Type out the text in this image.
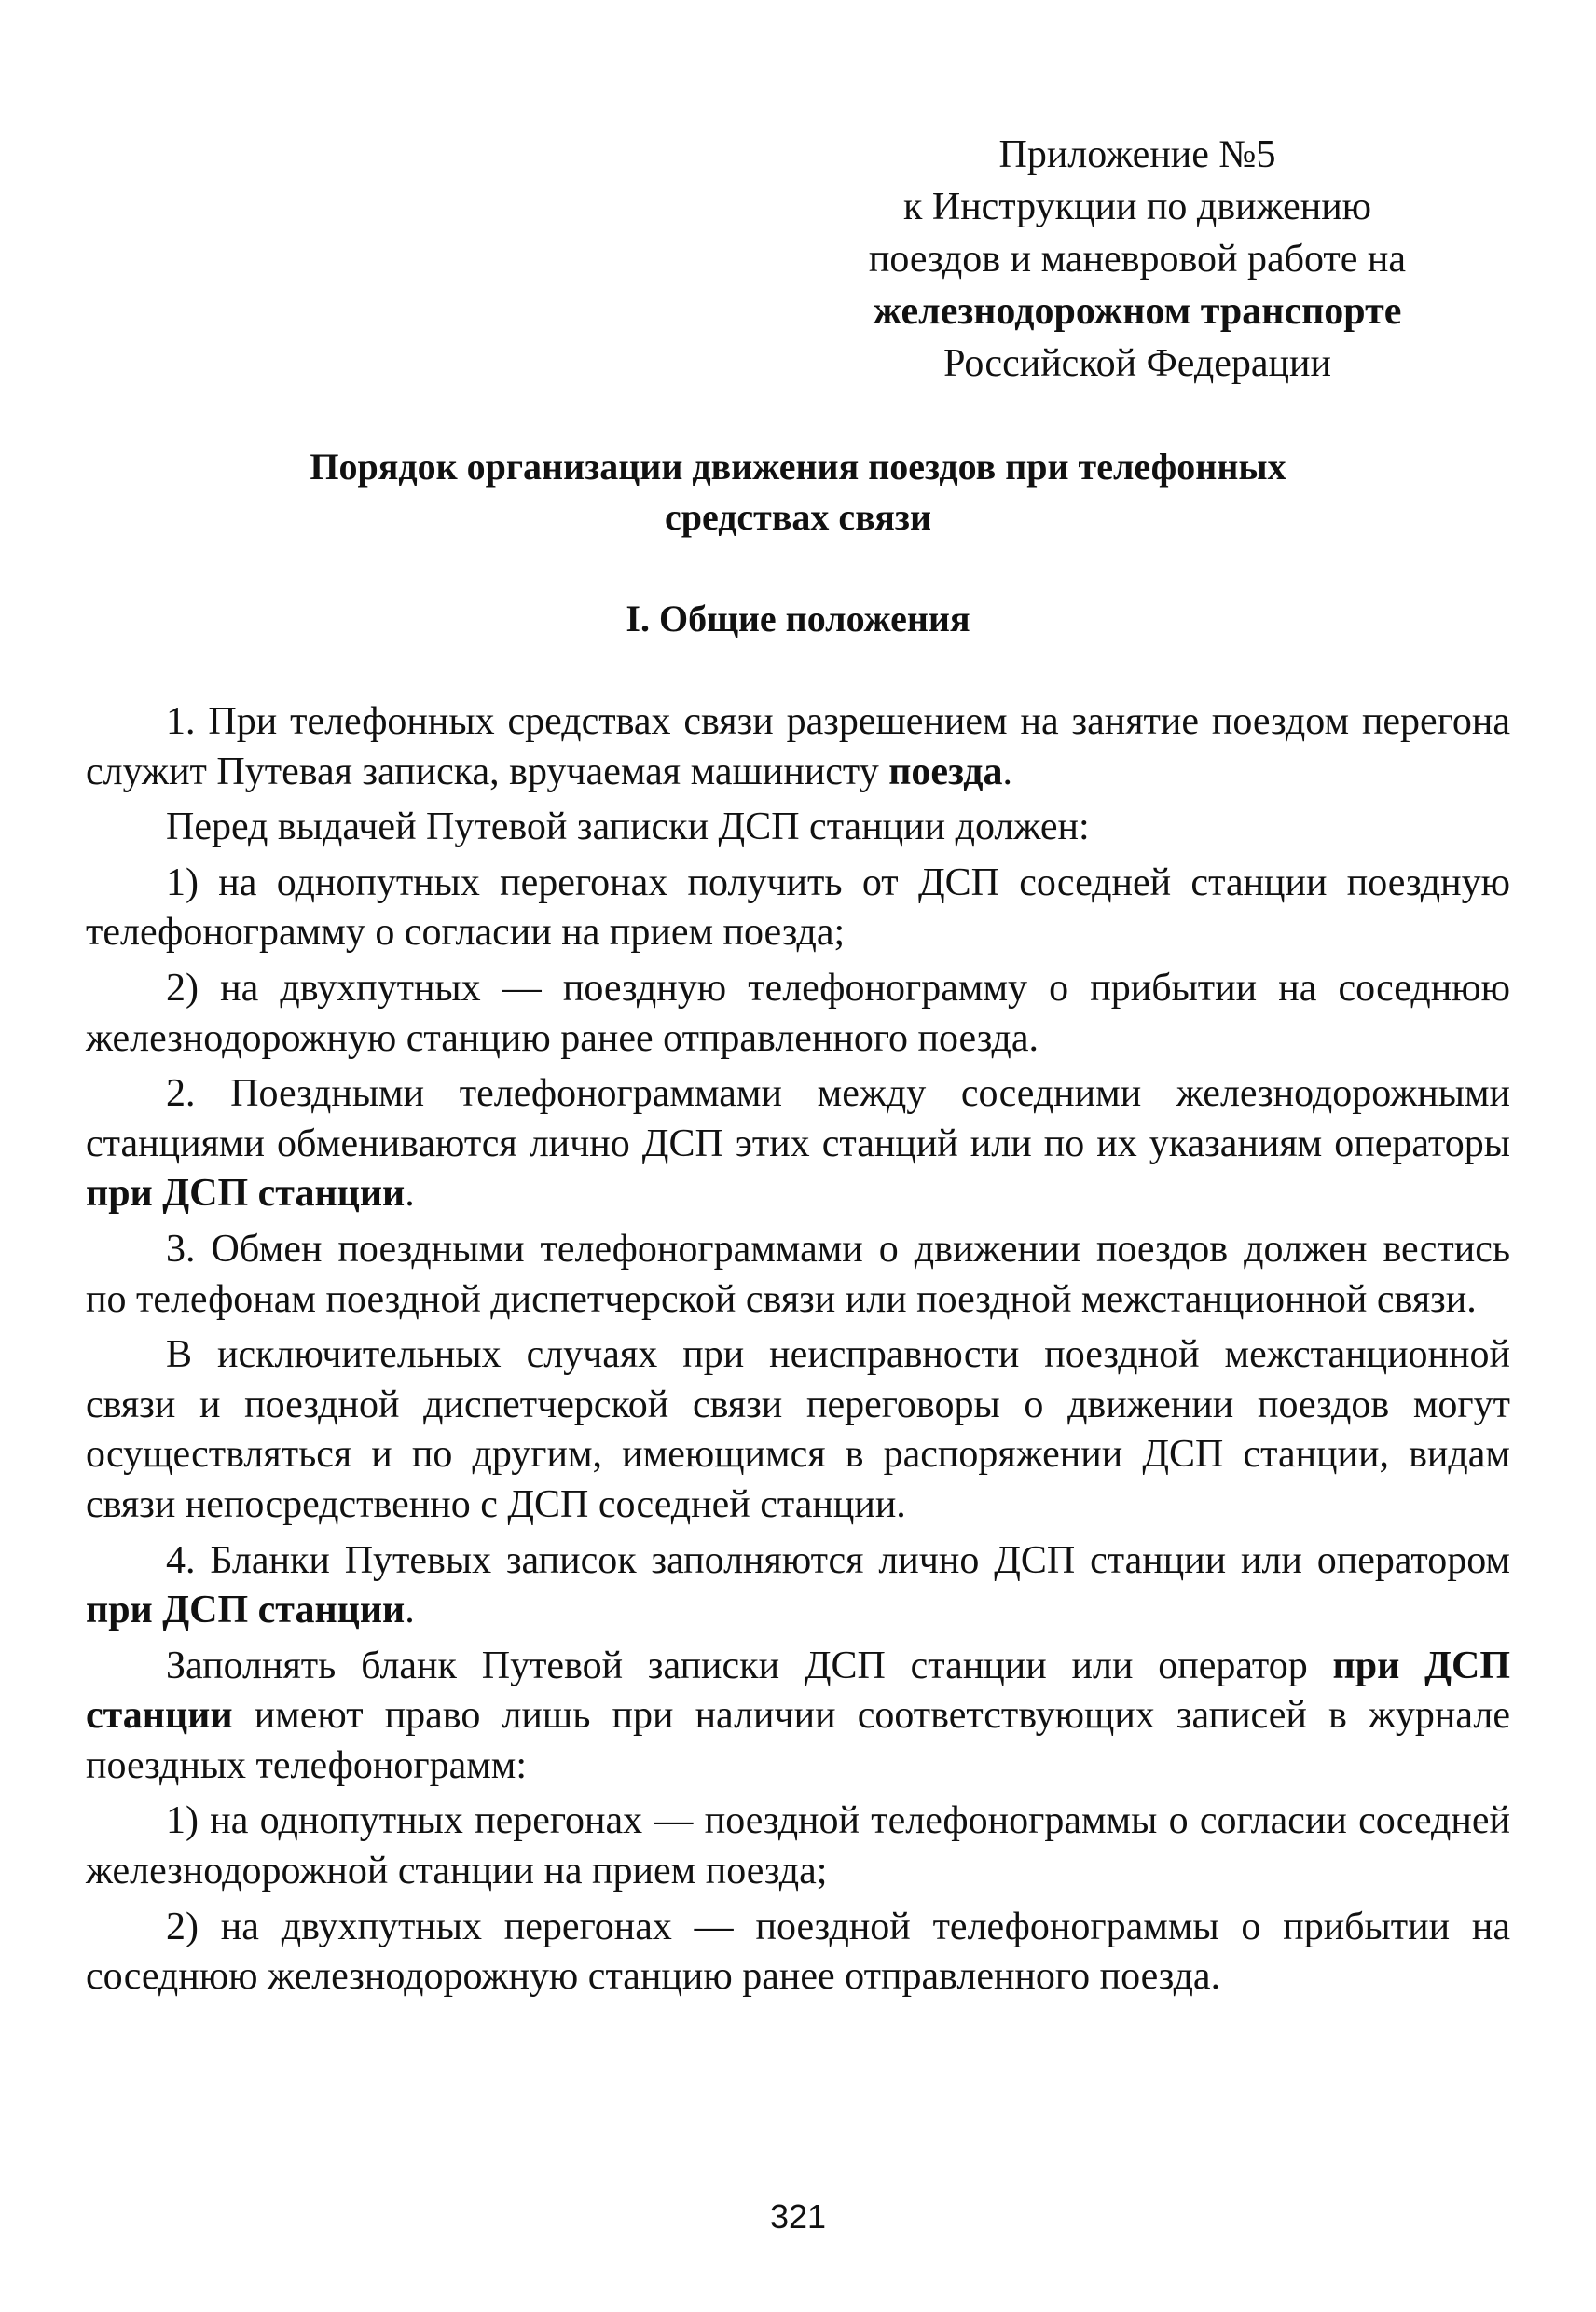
Приложение №5
к Инструкции по движению
поездов и маневровой работе на
железнодорожном транспорте
Российской Федерации
Порядок организации движения поездов при телефонных
средствах связи
I. Общие положения

1. При телефонных средствах связи разрешением на занятие поездом перегона служит Путевая записка, вручаемая машинисту поезда.

Перед выдачей Путевой записки ДСП станции должен:

1) на однопутных перегонах получить от ДСП соседней станции поездную телефонограмму о согласии на прием поезда;

2) на двухпутных — поездную телефонограмму о прибытии на соседнюю железнодорожную станцию ранее отправленного поезда.

2. Поездными телефонограммами между соседними железнодорожными станциями обмениваются лично ДСП этих станций или по их указаниям операторы при ДСП станции.

3. Обмен поездными телефонограммами о движении поездов должен вестись по телефонам поездной диспетчерской связи или поездной межстанционной связи.

В исключительных случаях при неисправности поездной межстанционной связи и поездной диспетчерской связи переговоры о движении поездов могут осуществляться и по другим, имеющимся в распоряжении ДСП станции, видам связи непосредственно с ДСП соседней станции.

4. Бланки Путевых записок заполняются лично ДСП станции или оператором при ДСП станции.

Заполнять бланк Путевой записки ДСП станции или оператор при ДСП станции имеют право лишь при наличии соответствующих записей в журнале поездных телефонограмм:

1) на однопутных перегонах — поездной телефонограммы о согласии соседней железнодорожной станции на прием поезда;

2) на двухпутных перегонах — поездной телефонограммы о прибытии на соседнюю железнодорожную станцию ранее отправленного поезда.

321
